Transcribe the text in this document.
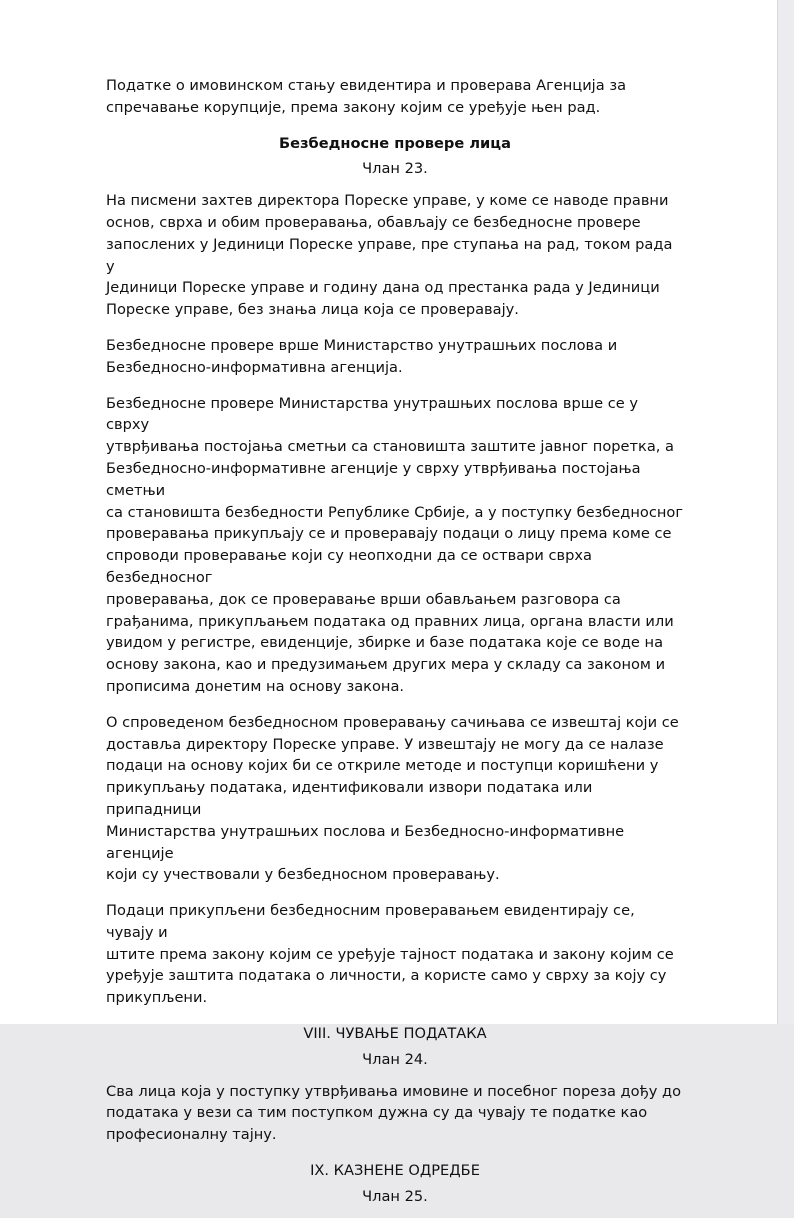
Податке о имовинском стању евидентира и проверава Агенција за
спречавање корупције, према закону којим се уређује њен рад.

Безбедносне провере лица

Члан 23.

На писмени захтев директора Пореске управе, у коме се наводе правни
основ, сврха и обим проверавања, обављају се безбедносне провере
запослених у Јединици Пореске управе, пре ступања на рад, током рада у
Јединици Пореске управе и годину дана од престанка рада у Јединици
Пореске управе, без знања лица која се проверавају.

Безбедносне провере врше Министарство унутрашњих послова и
Безбедносно-информативна агенција.

Безбедносне провере Министарства унутрашњих послова врше се у сврху
утврђивања постојања сметњи са становишта заштите јавног поретка, а
Безбедносно-информативне агенције у сврху утврђивања постојања сметњи
са становишта безбедности Републике Србије, а у поступку безбедносног
проверавања прикупљају се и проверавају подаци о лицу према коме се
спроводи проверавање који су неопходни да се оствари сврха безбедносног
проверавања, док се проверавање врши обављањем разговора са
грађанима, прикупљањем података од правних лица, органа власти или
увидом у регистре, евиденције, збирке и базе података које се воде на
основу закона, као и предузимањем других мера у складу са законом и
прописима донетим на основу закона.

О спроведеном безбедносном проверавању сачињава се извештај који се
доставља директору Пореске управе. У извештају не могу да се налазе
подаци на основу којих би се откриле методе и поступци коришћени у
прикупљању података, идентификовали извори података или припадници
Министарства унутрашњих послова и Безбедносно-информативне агенције
који су учествовали у безбедносном проверавању.

Подаци прикупљени безбедносним проверавањем евидентирају се, чувају и
штите према закону којим се уређује тајност података и закону којим се
уређује заштита података о личности, а користе само у сврху за коју су
прикупљени.

VIII. ЧУВАЊЕ ПОДАТАКА

Члан 24.

Сва лица која у поступку утврђивања имовине и посебног пореза дођу до
података у вези са тим поступком дужна су да чувају те податке као
професионалну тајну.

IX. КАЗНЕНЕ ОДРЕДБЕ

Члан 25.
